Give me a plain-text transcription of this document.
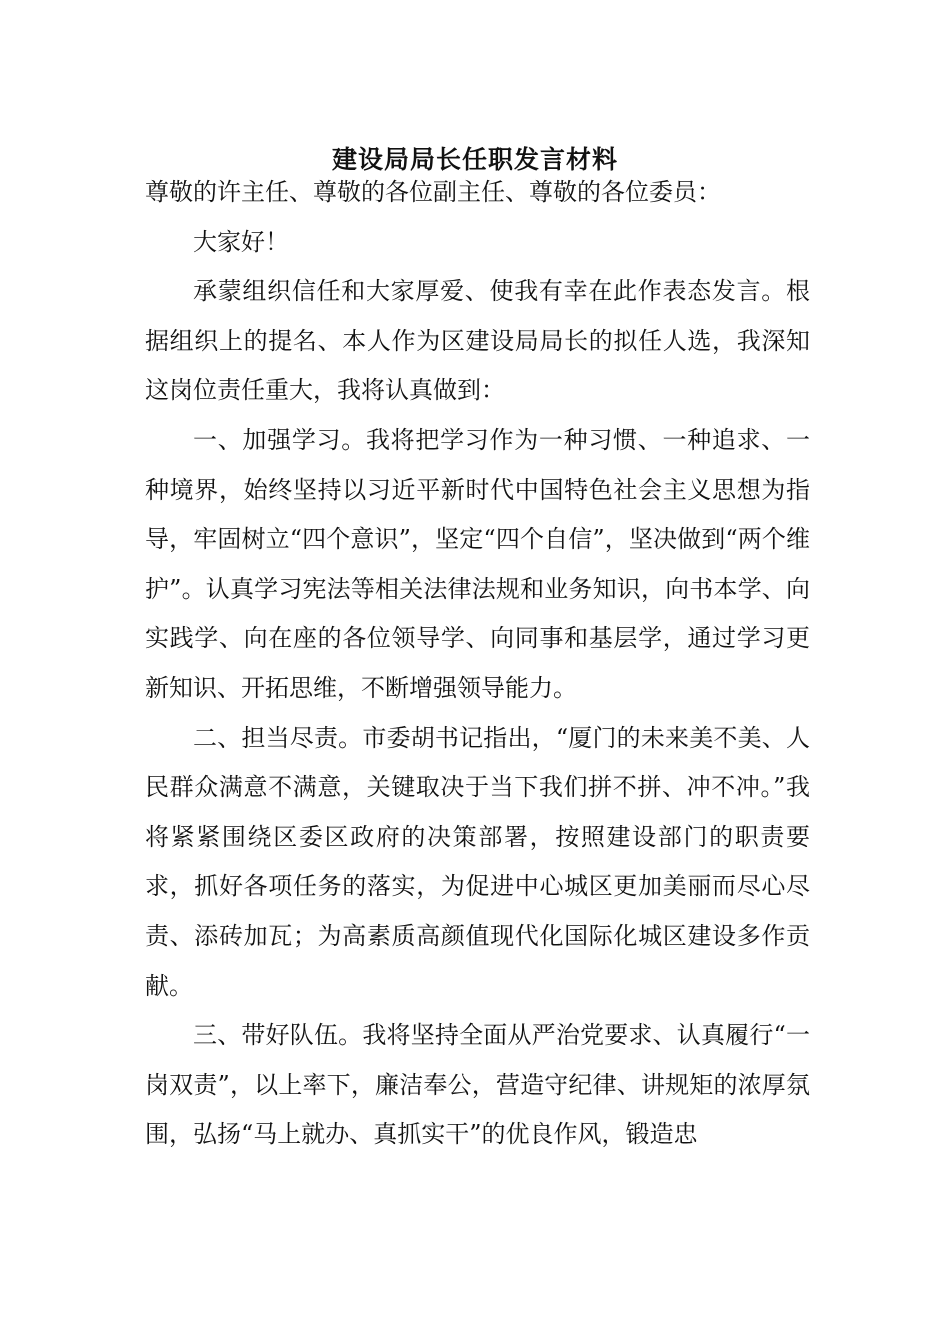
建设局局长任职发言材料

尊敬的许主任、尊敬的各位副主任、尊敬的各位委员：

大家好！

承蒙组织信任和大家厚爱、使我有幸在此作表态发言。根据组织上的提名、本人作为区建设局局长的拟任人选，我深知这岗位责任重大，我将认真做到：

一、加强学习。我将把学习作为一种习惯、一种追求、一种境界，始终坚持以习近平新时代中国特色社会主义思想为指导，牢固树立“四个意识”，坚定“四个自信”，坚决做到“两个维护”。认真学习宪法等相关法律法规和业务知识，向书本学、向实践学、向在座的各位领导学、向同事和基层学，通过学习更新知识、开拓思维，不断增强领导能力。

二、担当尽责。市委胡书记指出，“厦门的未来美不美、人民群众满意不满意，关键取决于当下我们拼不拼、冲不冲。”我将紧紧围绕区委区政府的决策部署，按照建设部门的职责要求，抓好各项任务的落实，为促进中心城区更加美丽而尽心尽责、添砖加瓦；为高素质高颜值现代化国际化城区建设多作贡献。

三、带好队伍。我将坚持全面从严治党要求、认真履行“一岗双责”，以上率下，廉洁奉公，营造守纪律、讲规矩的浓厚氛围，弘扬“马上就办、真抓实干”的优良作风，锻造忠
